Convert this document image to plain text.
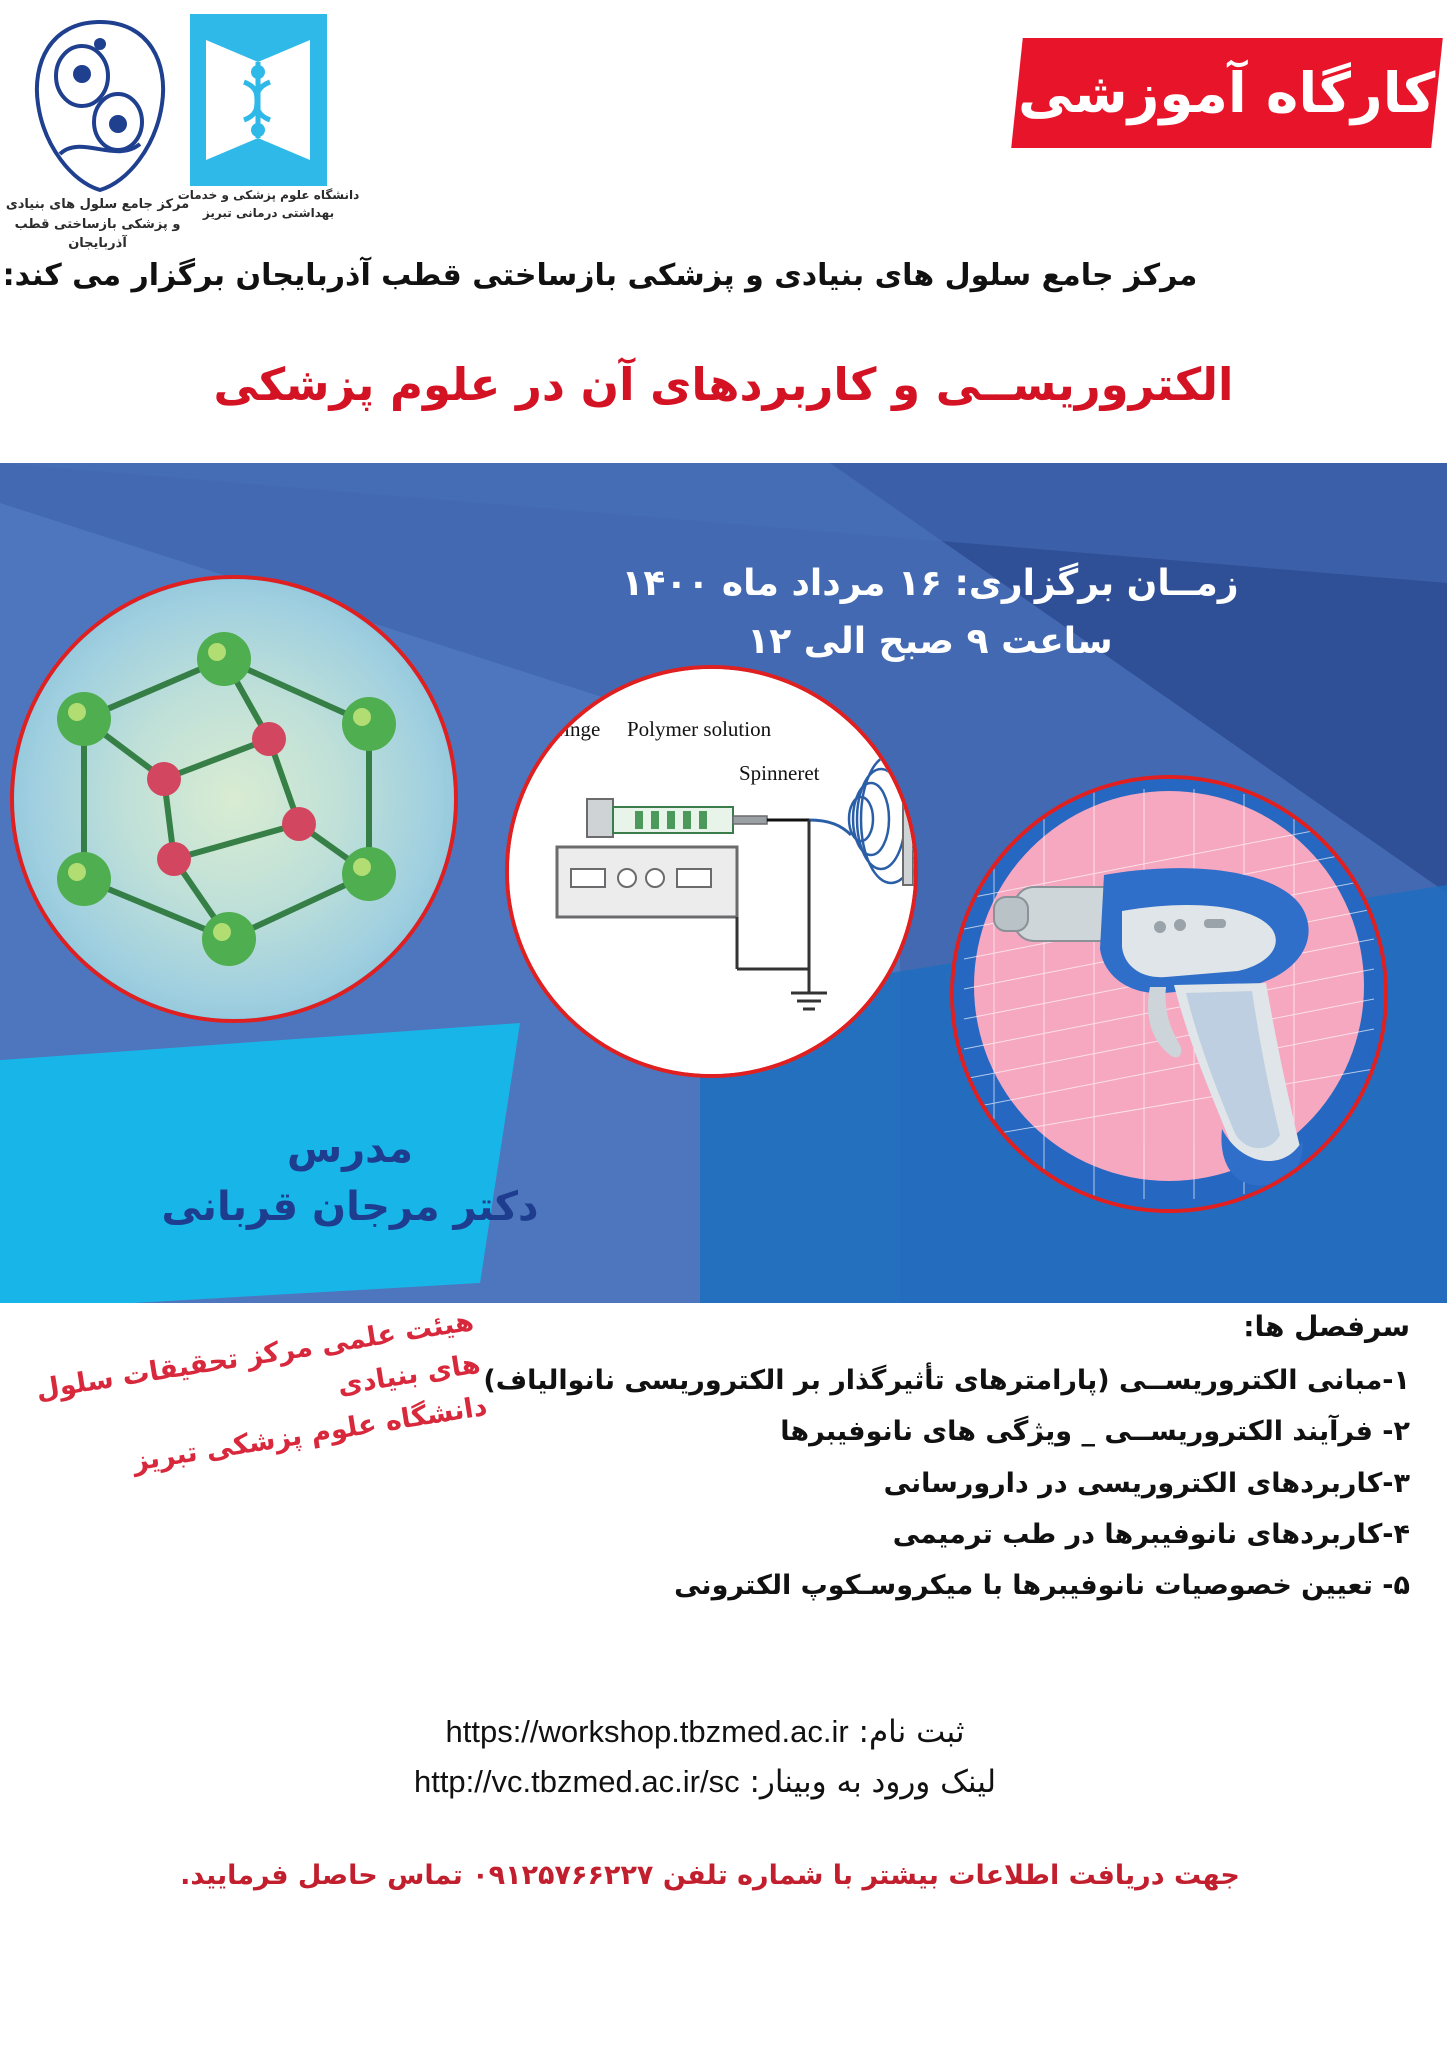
مرکز جامع سلول های بنیادی و پزشکی بازساختی قطب آذربایجان
دانشگاه علوم پزشکی و خدمات بهداشتی درمانی تبریز
کارگاه آموزشی
مرکز جامع سلول های بنیادی و پزشکی بازساختی قطب آذربایجان برگزار می کند:
الکتروریســی و کاربردهای آن در علوم پزشکی
زمــان برگزاری: ۱۶ مرداد ماه ۱۴۰۰
ساعت ۹ صبح الی ۱۲
Syringe Polymer solution
Spinneret
مدرس
دکتر مرجان قربانی
هیئت علمی مرکز تحقیقات سلول های بنیادی
دانشگاه علوم پزشکی تبریز
سرفصل ها:
۱-مبانی الکتروریســی (پارامترهای تأثیرگذار بر الکتروریسی نانوالیاف)
۲- فرآیند الکتروریســی _ ویژگی های نانوفیبرها
۳-کاربردهای الکتروریسی در دارورسانی
۴-کاربردهای نانوفیبرها در طب ترمیمی
۵- تعیین خصوصیات نانوفیبرها با میکروسـکوپ الکترونی
ثبت نام: https://workshop.tbzmed.ac.ir
لینک ورود به وبینار: http://vc.tbzmed.ac.ir/sc
جهت دریافت اطلاعات بیشتر با شماره تلفن ۰۹۱۲۵۷۶۶۲۲۷ تماس حاصل فرمایید.
